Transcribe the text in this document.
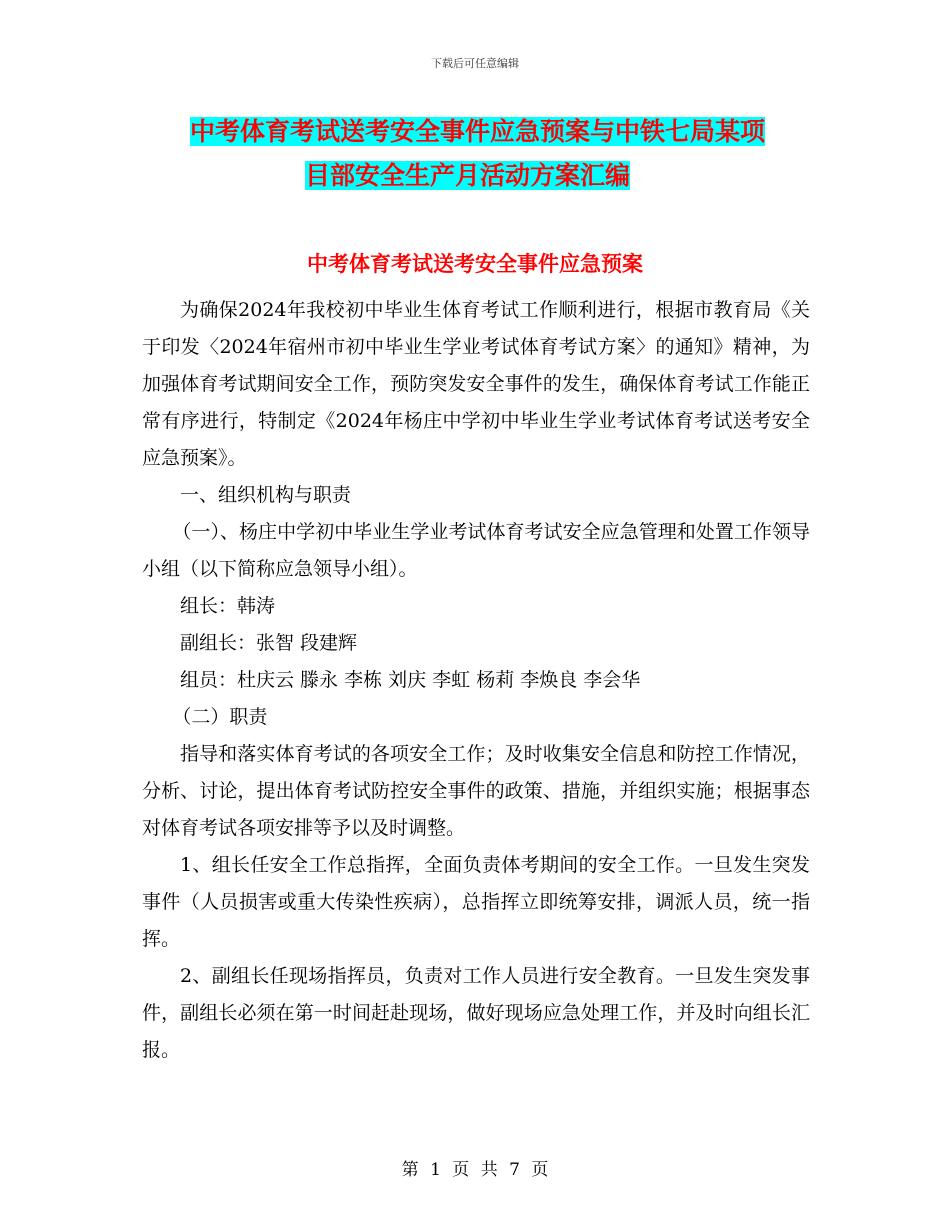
下载后可任意编辑
中考体育考试送考安全事件应急预案与中铁七局某项
目部安全生产月活动方案汇编
中考体育考试送考安全事件应急预案

为确保2024年我校初中毕业生体育考试工作顺利进行，根据市教育局《关于印发〈2024年宿州市初中毕业生学业考试体育考试方案〉的通知》精神，为加强体育考试期间安全工作，预防突发安全事件的发生，确保体育考试工作能正常有序进行，特制定《2024年杨庄中学初中毕业生学业考试体育考试送考安全应急预案》。

一、组织机构与职责

（一）、杨庄中学初中毕业生学业考试体育考试安全应急管理和处置工作领导小组（以下简称应急领导小组）。

组长：韩涛

副组长：张智 段建辉

组员：杜庆云 滕永 李栋 刘庆 李虹 杨莉 李焕良 李会华

（二）职责

指导和落实体育考试的各项安全工作；及时收集安全信息和防控工作情况，分析、讨论，提出体育考试防控安全事件的政策、措施，并组织实施；根据事态对体育考试各项安排等予以及时调整。

1、组长任安全工作总指挥，全面负责体考期间的安全工作。一旦发生突发事件（人员损害或重大传染性疾病），总指挥立即统筹安排，调派人员，统一指挥。

2、副组长任现场指挥员，负责对工作人员进行安全教育。一旦发生突发事件，副组长必须在第一时间赶赴现场，做好现场应急处理工作，并及时向组长汇报。

第 1 页 共 7 页
